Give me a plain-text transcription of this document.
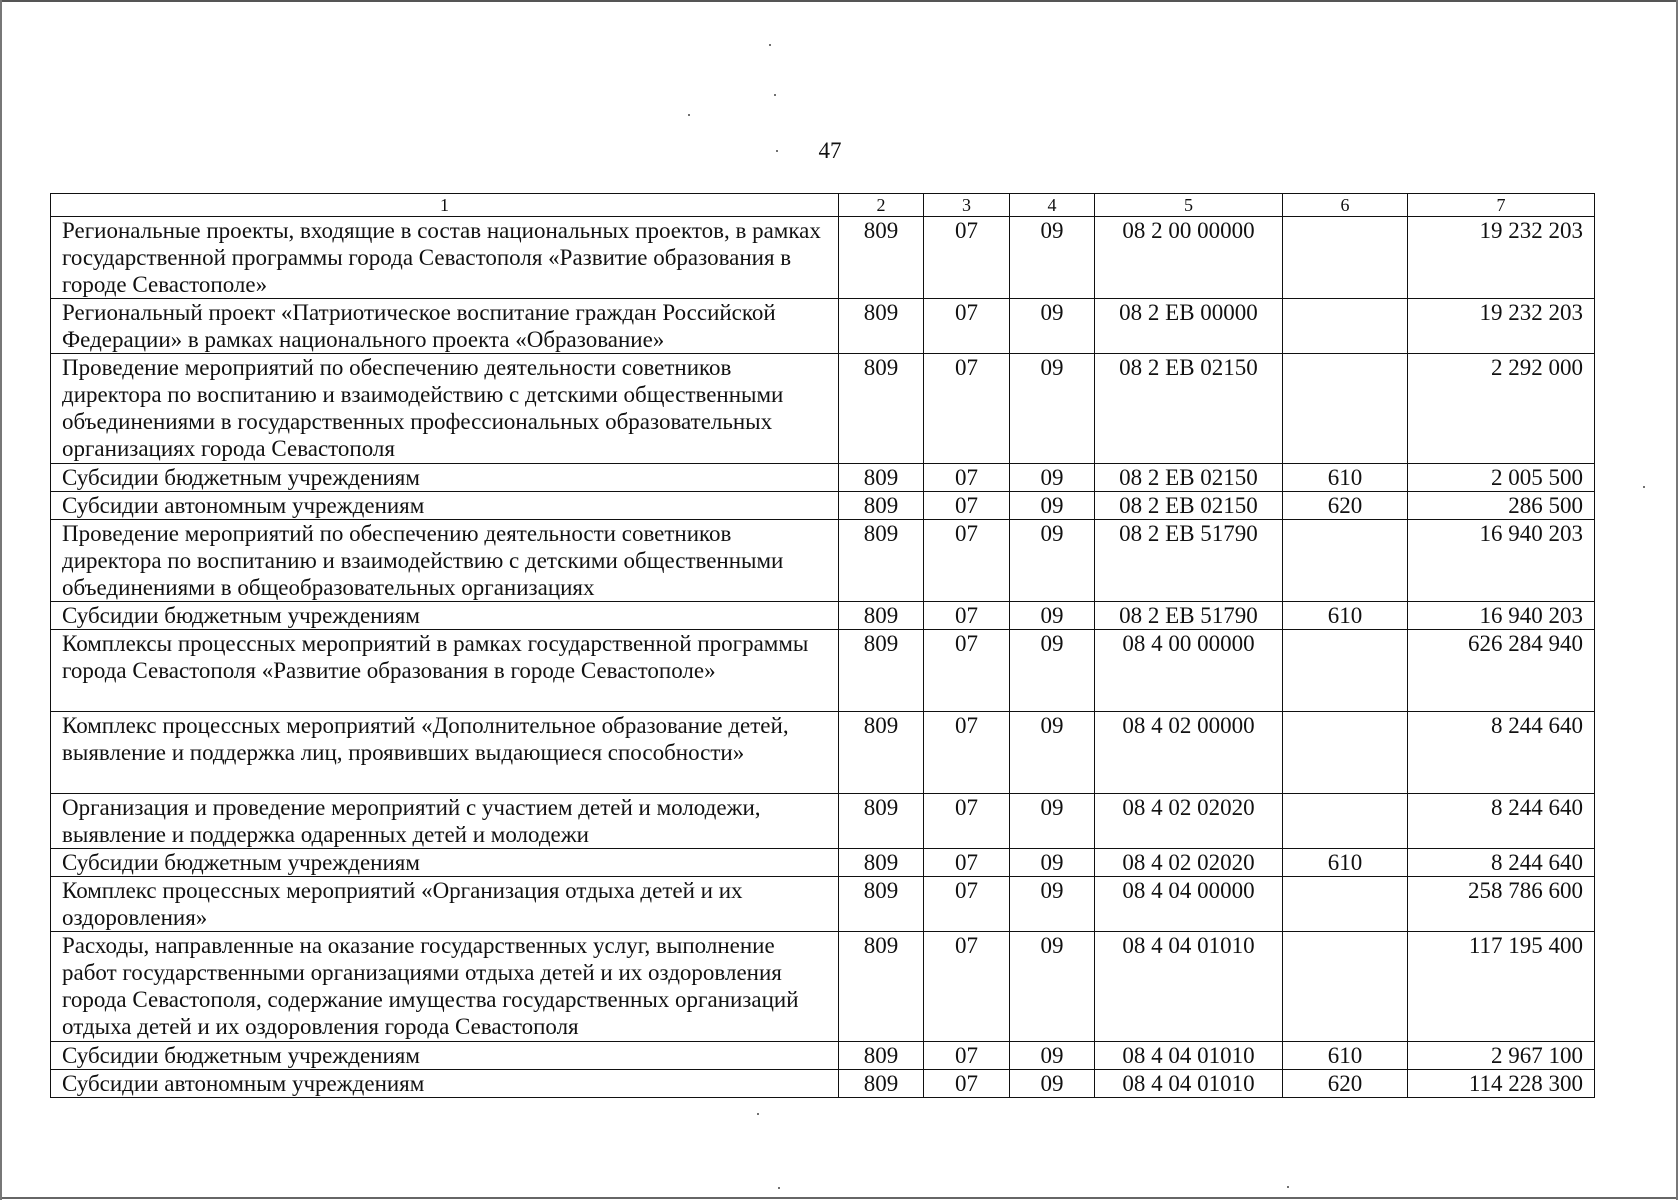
47
1	2	3	4	5	6	7
Региональные проекты, входящие в состав национальных проектов, в рамках государственной программы города Севастополя «Развитие образования в городе Севастополе»	809	07	09	08 2 00 00000		19 232 203
Региональный проект «Патриотическое воспитание граждан Российской Федерации» в рамках национального проекта «Образование»	809	07	09	08 2 EB 00000		19 232 203
Проведение мероприятий по обеспечению деятельности советников директора по воспитанию и взаимодействию с детскими общественными объединениями в государственных профессиональных образовательных организациях города Севастополя	809	07	09	08 2 EB 02150		2 292 000
Субсидии бюджетным учреждениям	809	07	09	08 2 EB 02150	610	2 005 500
Субсидии автономным учреждениям	809	07	09	08 2 EB 02150	620	286 500
Проведение мероприятий по обеспечению деятельности советников директора по воспитанию и взаимодействию с детскими общественными объединениями в общеобразовательных организациях	809	07	09	08 2 EB 51790		16 940 203
Субсидии бюджетным учреждениям	809	07	09	08 2 EB 51790	610	16 940 203
Комплексы процессных мероприятий в рамках государственной программы города Севастополя «Развитие образования в городе Севастополе»	809	07	09	08 4 00 00000		626 284 940
Комплекс процессных мероприятий «Дополнительное образование детей, выявление и поддержка лиц, проявивших выдающиеся способности»	809	07	09	08 4 02 00000		8 244 640
Организация и проведение мероприятий с участием детей и молодежи, выявление и поддержка одаренных детей и молодежи	809	07	09	08 4 02 02020		8 244 640
Субсидии бюджетным учреждениям	809	07	09	08 4 02 02020	610	8 244 640
Комплекс процессных мероприятий «Организация отдыха детей и их оздоровления»	809	07	09	08 4 04 00000		258 786 600
Расходы, направленные на оказание государственных услуг, выполнение работ государственными организациями отдыха детей и их оздоровления города Севастополя, содержание имущества государственных организаций отдыха детей и их оздоровления города Севастополя	809	07	09	08 4 04 01010		117 195 400
Субсидии бюджетным учреждениям	809	07	09	08 4 04 01010	610	2 967 100
Субсидии автономным учреждениям	809	07	09	08 4 04 01010	620	114 228 300
